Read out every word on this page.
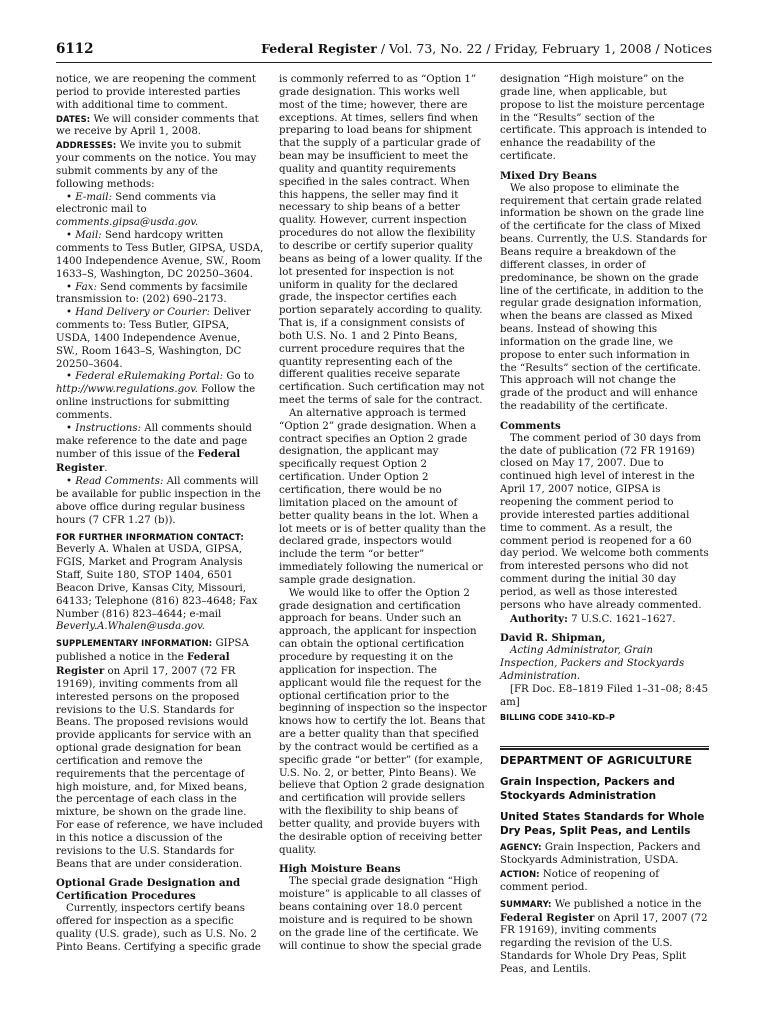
6112	Federal Register / Vol. 73, No. 22 / Friday, February 1, 2008 / Notices

notice, we are reopening the comment period to provide interested parties with additional time to comment.

DATES: We will consider comments that we receive by April 1, 2008.

ADDRESSES: We invite you to submit your comments on the notice. You may submit comments by any of the following methods:

• E-mail: Send comments via electronic mail to comments.gipsa@usda.gov.

• Mail: Send hardcopy written comments to Tess Butler, GIPSA, USDA, 1400 Independence Avenue, SW., Room 1633–S, Washington, DC 20250–3604.

• Fax: Send comments by facsimile transmission to: (202) 690–2173.

• Hand Delivery or Courier: Deliver comments to: Tess Butler, GIPSA, USDA, 1400 Independence Avenue, SW., Room 1643–S, Washington, DC 20250–3604.

• Federal eRulemaking Portal: Go to http://www.regulations.gov. Follow the online instructions for submitting comments.

• Instructions: All comments should make reference to the date and page number of this issue of the Federal Register.

• Read Comments: All comments will be available for public inspection in the above office during regular business hours (7 CFR 1.27 (b)).

FOR FURTHER INFORMATION CONTACT: Beverly A. Whalen at USDA, GIPSA, FGIS, Market and Program Analysis Staff, Suite 180, STOP 1404, 6501 Beacon Drive, Kansas City, Missouri, 64133; Telephone (816) 823–4648; Fax Number (816) 823–4644; e-mail Beverly.A.Whalen@usda.gov.

SUPPLEMENTARY INFORMATION: GIPSA published a notice in the Federal Register on April 17, 2007 (72 FR 19169), inviting comments from all interested persons on the proposed revisions to the U.S. Standards for Beans. The proposed revisions would provide applicants for service with an optional grade designation for bean certification and remove the requirements that the percentage of high moisture, and, for Mixed beans, the percentage of each class in the mixture, be shown on the grade line. For ease of reference, we have included in this notice a discussion of the revisions to the U.S. Standards for Beans that are under consideration.

Optional Grade Designation and Certification Procedures

Currently, inspectors certify beans offered for inspection as a specific quality (U.S. grade), such as U.S. No. 2 Pinto Beans. Certifying a specific grade

is commonly referred to as “Option 1” grade designation. This works well most of the time; however, there are exceptions. At times, sellers find when preparing to load beans for shipment that the supply of a particular grade of bean may be insufficient to meet the quality and quantity requirements specified in the sales contract. When this happens, the seller may find it necessary to ship beans of a better quality. However, current inspection procedures do not allow the flexibility to describe or certify superior quality beans as being of a lower quality. If the lot presented for inspection is not uniform in quality for the declared grade, the inspector certifies each portion separately according to quality. That is, if a consignment consists of both U.S. No. 1 and 2 Pinto Beans, current procedure requires that the quantity representing each of the different qualities receive separate certification. Such certification may not meet the terms of sale for the contract.

An alternative approach is termed “Option 2” grade designation. When a contract specifies an Option 2 grade designation, the applicant may specifically request Option 2 certification. Under Option 2 certification, there would be no limitation placed on the amount of better quality beans in the lot. When a lot meets or is of better quality than the declared grade, inspectors would include the term “or better” immediately following the numerical or sample grade designation.

We would like to offer the Option 2 grade designation and certification approach for beans. Under such an approach, the applicant for inspection can obtain the optional certification procedure by requesting it on the application for inspection. The applicant would file the request for the optional certification prior to the beginning of inspection so the inspector knows how to certify the lot. Beans that are a better quality than that specified by the contract would be certified as a specific grade “or better” (for example, U.S. No. 2, or better, Pinto Beans). We believe that Option 2 grade designation and certification will provide sellers with the flexibility to ship beans of better quality, and provide buyers with the desirable option of receiving better quality.

High Moisture Beans

The special grade designation “High moisture” is applicable to all classes of beans containing over 18.0 percent moisture and is required to be shown on the grade line of the certificate. We will continue to show the special grade

designation “High moisture” on the grade line, when applicable, but propose to list the moisture percentage in the “Results” section of the certificate. This approach is intended to enhance the readability of the certificate.

Mixed Dry Beans

We also propose to eliminate the requirement that certain grade related information be shown on the grade line of the certificate for the class of Mixed beans. Currently, the U.S. Standards for Beans require a breakdown of the different classes, in order of predominance, be shown on the grade line of the certificate, in addition to the regular grade designation information, when the beans are classed as Mixed beans. Instead of showing this information on the grade line, we propose to enter such information in the “Results” section of the certificate. This approach will not change the grade of the product and will enhance the readability of the certificate.

Comments

The comment period of 30 days from the date of publication (72 FR 19169) closed on May 17, 2007. Due to continued high level of interest in the April 17, 2007 notice, GIPSA is reopening the comment period to provide interested parties additional time to comment. As a result, the comment period is reopened for a 60 day period. We welcome both comments from interested persons who did not comment during the initial 30 day period, as well as those interested persons who have already commented.

Authority: 7 U.S.C. 1621–1627.

David R. Shipman,

Acting Administrator, Grain Inspection, Packers and Stockyards Administration.

[FR Doc. E8–1819 Filed 1–31–08; 8:45 am]

BILLING CODE 3410–KD–P

DEPARTMENT OF AGRICULTURE

Grain Inspection, Packers and Stockyards Administration

United States Standards for Whole Dry Peas, Split Peas, and Lentils

AGENCY: Grain Inspection, Packers and Stockyards Administration, USDA.

ACTION: Notice of reopening of comment period.

SUMMARY: We published a notice in the Federal Register on April 17, 2007 (72 FR 19169), inviting comments regarding the revision of the U.S. Standards for Whole Dry Peas, Split Peas, and Lentils.
